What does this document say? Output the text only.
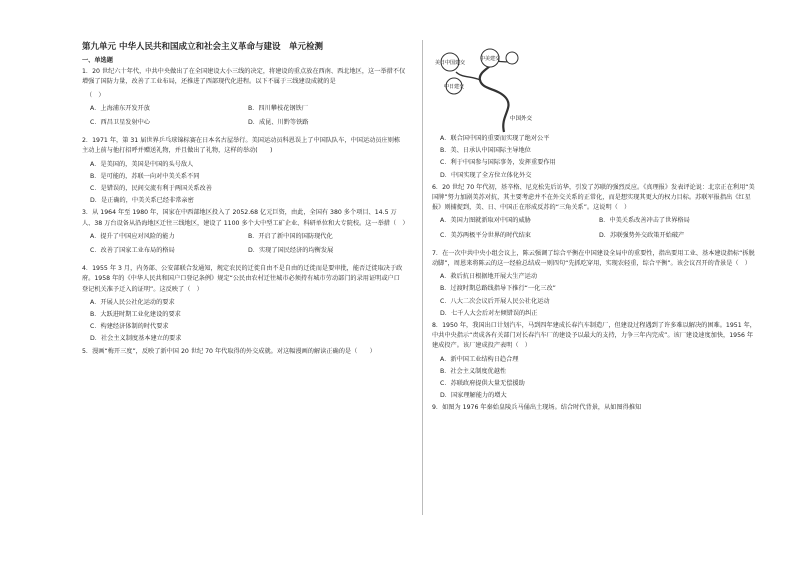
第九单元 中华人民共和国成立和社会主义革命与建设　单元检测
一、单选题
1．20 世纪六十年代，中共中央做出了在全国建设大小三线的决定，将建设的重点放在西南、西北地区，这一举措不仅增强了国防力量，改善了工业布局，还推进了西部现代化进程。以下不属于三线建设成就的是
（　）
A．上海浦东开发开放	B．四川攀枝花钢铁厂
C．西昌卫星发射中心	D．成昆、川黔等铁路
2．1971 年，第 31 届世界乒乓球锦标赛在日本名古屋举行。美国运动员科恩误上了中国队队车，中国运动员庄则栋主动上前与他打招呼并赠送礼物，并且做出了礼物，这样的举动(　　)
A．是美国的，美国是中国的头号敌人
B．是可能的，苏联一向对中美关系不同
C．是错误的，民间交流有利于两国关系改善
D．是正确的，中美关系已经非常亲密
3．从 1964 年至 1980 年，国家在中西部地区投入了 2052.68 亿元巨资，由此，全国有 380 多个项目、14.5 万人、38 万台设备从沿海地区迁往三线地区，建设了 1100 多个大中型工矿企业、科研单位和大专院校。这一举措（　）
A．提升了中国应对风险的能力	B．开启了新中国的国防现代化
C．改善了国家工业布局的格局	D．实现了国民经济的均衡发展
4．1955 年 3 月，内务部、公安部联合发通知，规定农民的迁徙自由不是自由的迁徙而是要审批，能否迁徙取决于政府。1958 年的《中华人民共和国户口登记条例》规定“公民由农村迁往城市必须持有城市劳动部门的录用证明或户口登记机关准予迁入的证明”。这反映了（　）
A．开展人民公社化运动的要求
B．大跃进时期工业化建设的要求
C．构建经济体制的时代要求
D．社会主义制度基本建立的要求
5．漫画“梅开三度”，反映了新中国 20 世纪 70 年代取得的外交成就。对这幅漫画的解读正确的是（　　）
美日中国建交
中美建交
中日建交
中国外交
A．联合国中国的重要而实现了绝对公平
B．美、日承认中国国际主导地位
C．利于中国参与国际事务，发挥重要作用
D．中国实现了全方位立体化外交
6．20 世纪 70 年代初，基辛格、尼克松先后访华，引发了苏联的强烈反应。《真理报》发表评论说：北京正在利用“美国牌”努力加剧美苏对抗，其主要考虑并不在外交关系的正常化，而是想实现其更大的权力目标。苏联军报指出《红星报》则捕捉到，美、日、中国正在形成反苏的“三角关系”。这说明（　）
A．美国力图就新取对中国的威胁	B．中美关系改善冲击了世界格局
C．美苏两极平分世界的时代结束	D．苏联强势外交政策开始破产
7．在一次中共中央小组会议上，陈云强调了综合平衡在中国建设全局中的重要性，指出要用工业、基本建设指标“拆脱动脚”，周恩来将陈云的这一经验总结成一则四句“先抓吃穿用，实现农轻重，综合平衡”。该会议召开的背景是（　）
A．救后抗日根据地开展大生产运动
B．过渡时期总路线指导下推行“一化三改”
C．八大二次会议后开展人民公社化运动
D．七千人大会后对左倾错误的纠正
8．1950 年，我国出口计划汽车，马到四年建成长春汽车制造厂，但建设过程遇到了许多难以解决的困难。1951 年，中共中央指示“责成各有关部门对长春汽车厂的建设予以最大的支持，力争三年内完成”。该厂建设速度加快，1956 年建成投产。该厂建成投产表明（　）
A．新中国工业结构日趋合理
B．社会主义制度优越性
C．苏联政府提供大量无偿援助
D．国家理解能力的增大
9．如图为 1976 年秦始皇陵兵马俑出土现场。结合时代背景，从如图得推知
